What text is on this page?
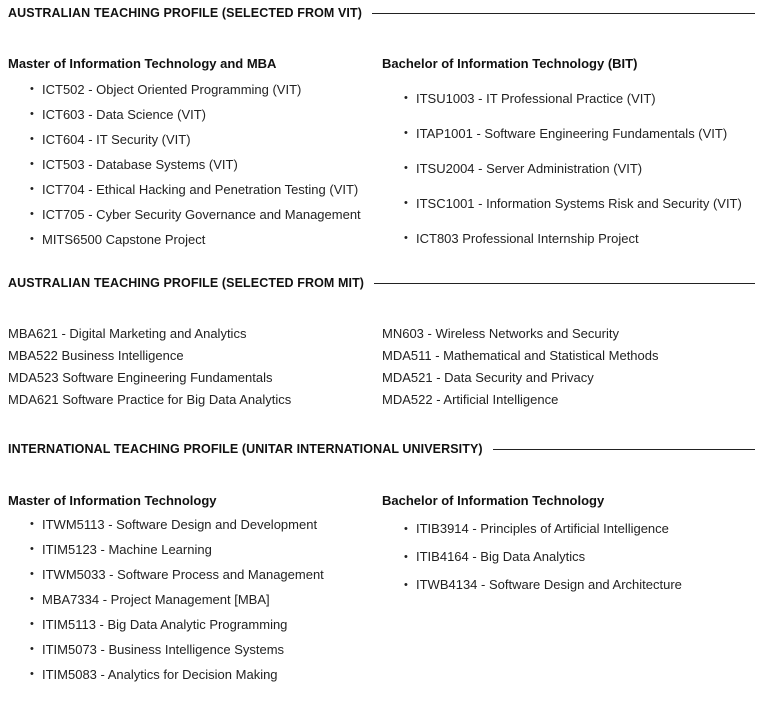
AUSTRALIAN TEACHING PROFILE (SELECTED FROM VIT)
Master of Information Technology and MBA
• ICT502 - Object Oriented Programming (VIT)
• ICT603 - Data Science (VIT)
• ICT604 - IT Security (VIT)
• ICT503 - Database Systems (VIT)
• ICT704 - Ethical Hacking and Penetration Testing (VIT)
• ICT705 - Cyber Security Governance and Management
• MITS6500 Capstone Project
Bachelor of Information Technology (BIT)
• ITSU1003 - IT Professional Practice (VIT)
• ITAP1001 - Software Engineering Fundamentals (VIT)
• ITSU2004 - Server Administration (VIT)
• ITSC1001 - Information Systems Risk and Security (VIT)
• ICT803 Professional Internship Project
AUSTRALIAN TEACHING PROFILE (SELECTED FROM MIT)
MBA621 - Digital Marketing and Analytics
MBA522 Business Intelligence
MDA523 Software Engineering Fundamentals
MDA621 Software Practice for Big Data Analytics
MN603 - Wireless Networks and Security
MDA511 - Mathematical and Statistical Methods
MDA521 - Data Security and Privacy
MDA522 - Artificial Intelligence
INTERNATIONAL TEACHING PROFILE (UNITAR INTERNATIONAL UNIVERSITY)
Master of Information Technology
• ITWM5113 - Software Design and Development
• ITIM5123 - Machine Learning
• ITWM5033 - Software Process and Management
• MBA7334 - Project Management [MBA]
• ITIM5113 - Big Data Analytic Programming
• ITIM5073 - Business Intelligence Systems
• ITIM5083 - Analytics for Decision Making
Bachelor of Information Technology
• ITIB3914 - Principles of Artificial Intelligence
• ITIB4164 - Big Data Analytics
• ITWB4134 - Software Design and Architecture
